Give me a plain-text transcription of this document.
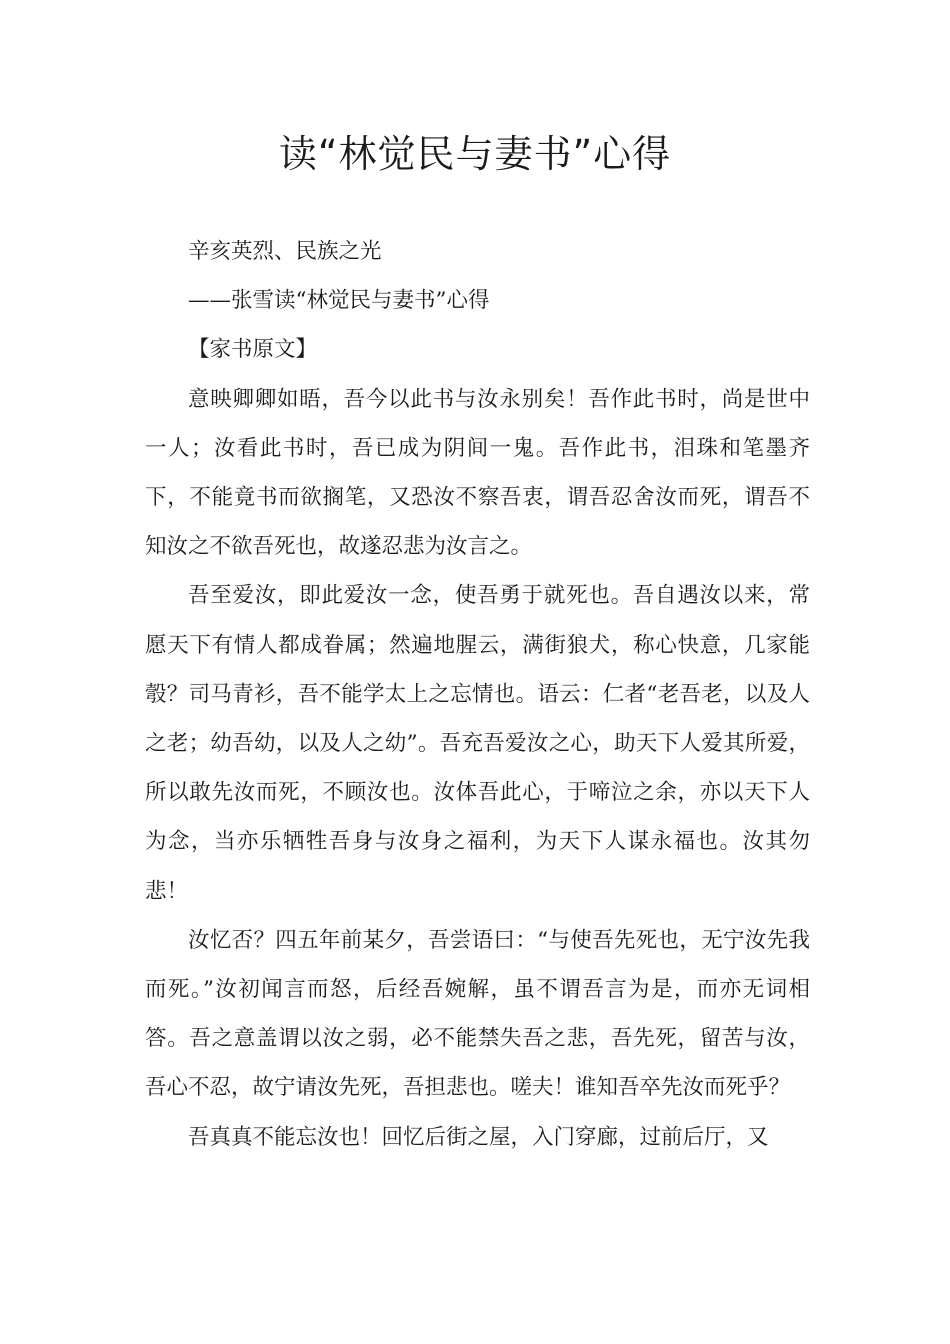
读“林觉民与妻书”心得

辛亥英烈、民族之光

——张雪读“林觉民与妻书”心得

【家书原文】

意映卿卿如晤，吾今以此书与汝永别矣！吾作此书时，尚是世中一人；汝看此书时，吾已成为阴间一鬼。吾作此书，泪珠和笔墨齐下，不能竟书而欲搁笔，又恐汝不察吾衷，谓吾忍舍汝而死，谓吾不知汝之不欲吾死也，故遂忍悲为汝言之。

吾至爱汝，即此爱汝一念，使吾勇于就死也。吾自遇汝以来，常愿天下有情人都成眷属；然遍地腥云，满街狼犬，称心快意，几家能彀？司马青衫，吾不能学太上之忘情也。语云：仁者“老吾老，以及人之老；幼吾幼，以及人之幼”。吾充吾爱汝之心，助天下人爱其所爱，所以敢先汝而死，不顾汝也。汝体吾此心，于啼泣之余，亦以天下人为念，当亦乐牺牲吾身与汝身之福利，为天下人谋永福也。汝其勿悲！

汝忆否？四五年前某夕，吾尝语曰：“与使吾先死也，无宁汝先我而死。”汝初闻言而怒，后经吾婉解，虽不谓吾言为是，而亦无词相答。吾之意盖谓以汝之弱，必不能禁失吾之悲，吾先死，留苦与汝，吾心不忍，故宁请汝先死，吾担悲也。嗟夫！谁知吾卒先汝而死乎？

吾真真不能忘汝也！回忆后街之屋，入门穿廊，过前后厅，又
